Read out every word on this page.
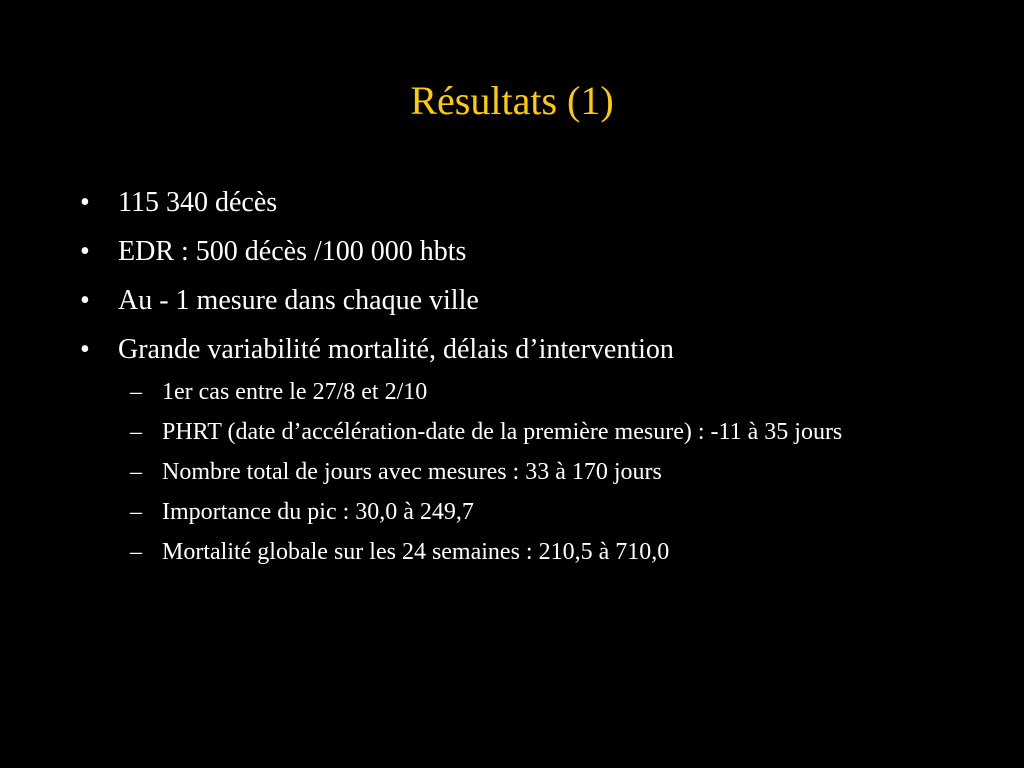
Résultats (1)
• 115 340 décès
• EDR : 500 décès /100 000 hbts
• Au - 1 mesure dans chaque ville
• Grande variabilité mortalité, délais d’intervention
– 1er cas entre le 27/8 et 2/10
– PHRT (date d’accélération-date de la première mesure) : -11 à 35 jours
– Nombre total de jours avec mesures : 33 à 170 jours
– Importance du pic : 30,0 à 249,7
– Mortalité globale sur les 24 semaines : 210,5 à 710,0
